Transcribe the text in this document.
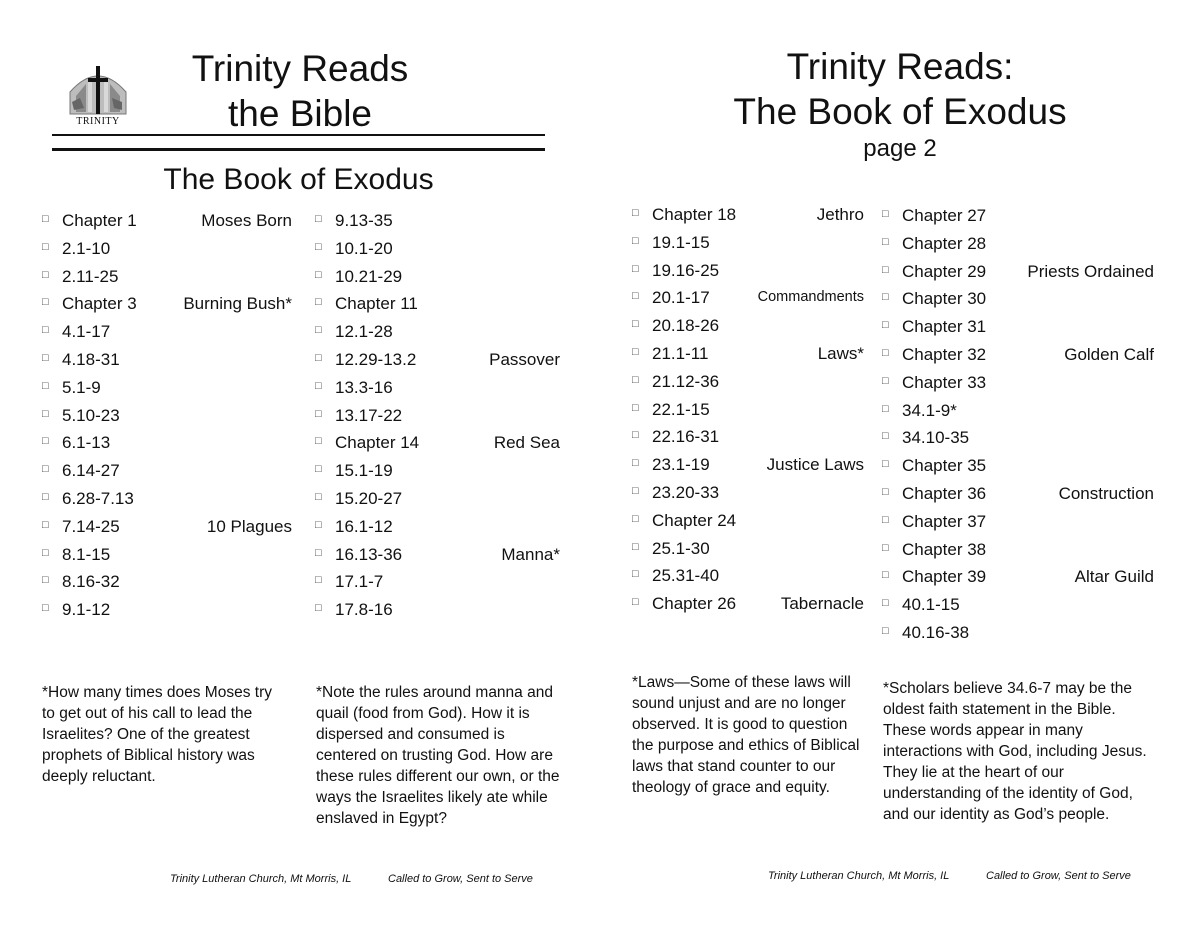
TRINITY
Trinity Reads
the Bible
The Book of Exodus
□ Chapter 1	Moses Born
□ 2.1-10
□ 2.11-25
□ Chapter 3	Burning Bush*
□ 4.1-17
□ 4.18-31
□ 5.1-9
□ 5.10-23
□ 6.1-13
□ 6.14-27
□ 6.28-7.13
□ 7.14-25	10 Plagues
□ 8.1-15
□ 8.16-32
□ 9.1-12
□ 9.13-35
□ 10.1-20
□ 10.21-29
□ Chapter 11
□ 12.1-28
□ 12.29-13.2	Passover
□ 13.3-16
□ 13.17-22
□ Chapter 14	Red Sea
□ 15.1-19
□ 15.20-27
□ 16.1-12
□ 16.13-36	Manna*
□ 17.1-7
□ 17.8-16
*How many times does Moses try to get out of his call to lead the Israelites? One of the greatest prophets of Biblical history was deeply reluctant.
*Note the rules around manna and quail (food from God). How it is dispersed and consumed is centered on trusting God. How are these rules different our own, or the ways the Israelites likely ate while enslaved in Egypt?
Trinity Lutheran Church, Mt Morris, IL	Called to Grow, Sent to Serve
Trinity Reads:
The Book of Exodus
page 2
□ Chapter 18	Jethro
□ 19.1-15
□ 19.16-25
□ 20.1-17	Commandments
□ 20.18-26
□ 21.1-11	Laws*
□ 21.12-36
□ 22.1-15
□ 22.16-31
□ 23.1-19	Justice Laws
□ 23.20-33
□ Chapter 24
□ 25.1-30
□ 25.31-40
□ Chapter 26	Tabernacle
□ Chapter 27
□ Chapter 28
□ Chapter 29 Priests Ordained
□ Chapter 30
□ Chapter 31
□ Chapter 32	Golden Calf
□ Chapter 33
□ 34.1-9*
□ 34.10-35
□ Chapter 35
□ Chapter 36	Construction
□ Chapter 37
□ Chapter 38
□ Chapter 39	Altar Guild
□ 40.1-15
□ 40.16-38
*Laws—Some of these laws will sound unjust and are no longer observed. It is good to question the purpose and ethics of Biblical laws that stand counter to our theology of grace and equity.
*Scholars believe 34.6-7 may be the oldest faith statement in the Bible. These words appear in many interactions with God, including Jesus. They lie at the heart of our understanding of the identity of God, and our identity as God’s people.
Trinity Lutheran Church, Mt Morris, IL	Called to Grow, Sent to Serve
